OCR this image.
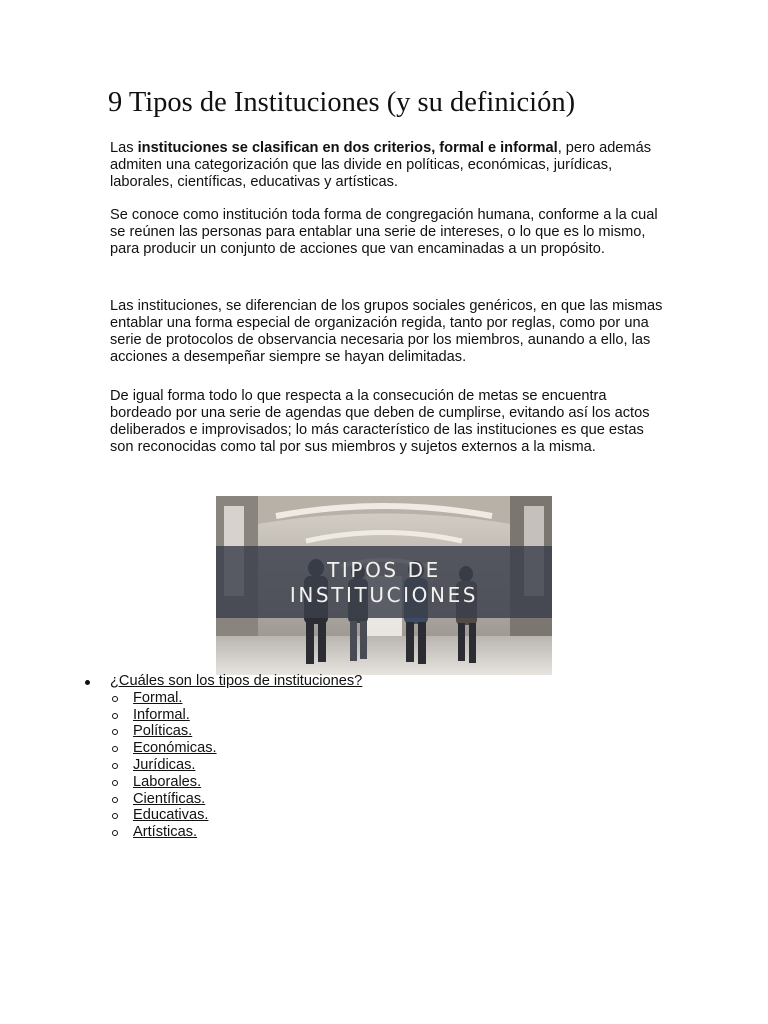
9 Tipos de Instituciones (y su definición)

Las instituciones se clasifican en dos criterios, formal e informal, pero además admiten una categorización que las divide en políticas, económicas, jurídicas, laborales, científicas, educativas y artísticas.

Se conoce como institución toda forma de congregación humana, conforme a la cual se reúnen las personas para entablar una serie de intereses, o lo que es lo mismo, para producir un conjunto de acciones que van encaminadas a un propósito.

Las instituciones, se diferencian de los grupos sociales genéricos, en que las mismas entablar una forma especial de organización regida, tanto por reglas, como por una serie de protocolos de observancia necesaria por los miembros, aunando a ello, las acciones a desempeñar siempre se hayan delimitadas.

De igual forma todo lo que respecta a la consecución de metas se encuentra bordeado por una serie de agendas que deben de cumplirse, evitando así los actos deliberados e improvisados; lo más característico de las instituciones es que estas son reconocidas como tal por sus miembros y sujetos externos a la misma.

TIPOS DE
INSTITUCIONES
¿Cuáles son los tipos de instituciones?
Formal.
Informal.
Políticas.
Económicas.
Jurídicas.
Laborales.
Científicas.
Educativas.
Artísticas.
